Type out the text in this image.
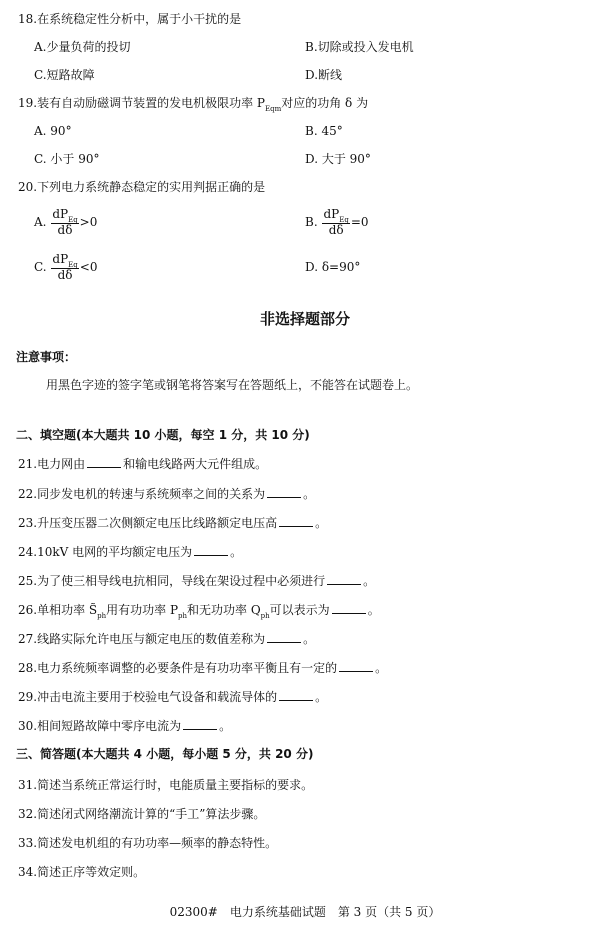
18.在系统稳定性分析中，属于小干扰的是
A.少量负荷的投切	B.切除或投入发电机
C.短路故障	D.断线
19.装有自动励磁调节装置的发电机极限功率 $P_{Eqm}$对应的功角 δ 为
A. 90°	B. 45°
C. 小于 90°	D. 大于 90°
20.下列电力系统静态稳定的实用判据正确的是
A. $\frac{dP_{Eq}}{d\delta} >0$	B. $\frac{dP_{Eq}}{d\delta} =0$
C. $\frac{dP_{Eq}}{d\delta} <0$	D. δ=90°
非选择题部分
注意事项：
用黑色字迹的签字笔或钢笔将答案写在答题纸上，不能答在试题卷上。
二、填空题(本大题共 10 小题，每空 1 分，共 10 分)
21.电力网由	和输电线路两大元件组成。
22.同步发电机的转速与系统频率之间的关系为	。
23.升压变压器二次侧额定电压比线路额定电压高	。
24.10kV 电网的平均额定电压为	。
25.为了使三相导线电抗相同，导线在架设过程中必须进行	。
26.单相功率 $S̃_{ph}$用有功功率 $P_{ph}$和无功功率 $Q_{ph}$可以表示为	。
27.线路实际允许电压与额定电压的数值差称为	。
28.电力系统频率调整的必要条件是有功功率平衡且有一定的	。
29.冲击电流主要用于校验电气设备和载流导体的	。
30.相间短路故障中零序电流为	。
三、简答题(本大题共 4 小题，每小题 5 分，共 20 分)
31.简述当系统正常运行时，电能质量主要指标的要求。
32.简述闭式网络潮流计算的“手工”算法步骤。
33.简述发电机组的有功功率—频率的静态特性。
34.简述正序等效定则。
02300#　电力系统基础试题　第 3 页（共 5 页）
